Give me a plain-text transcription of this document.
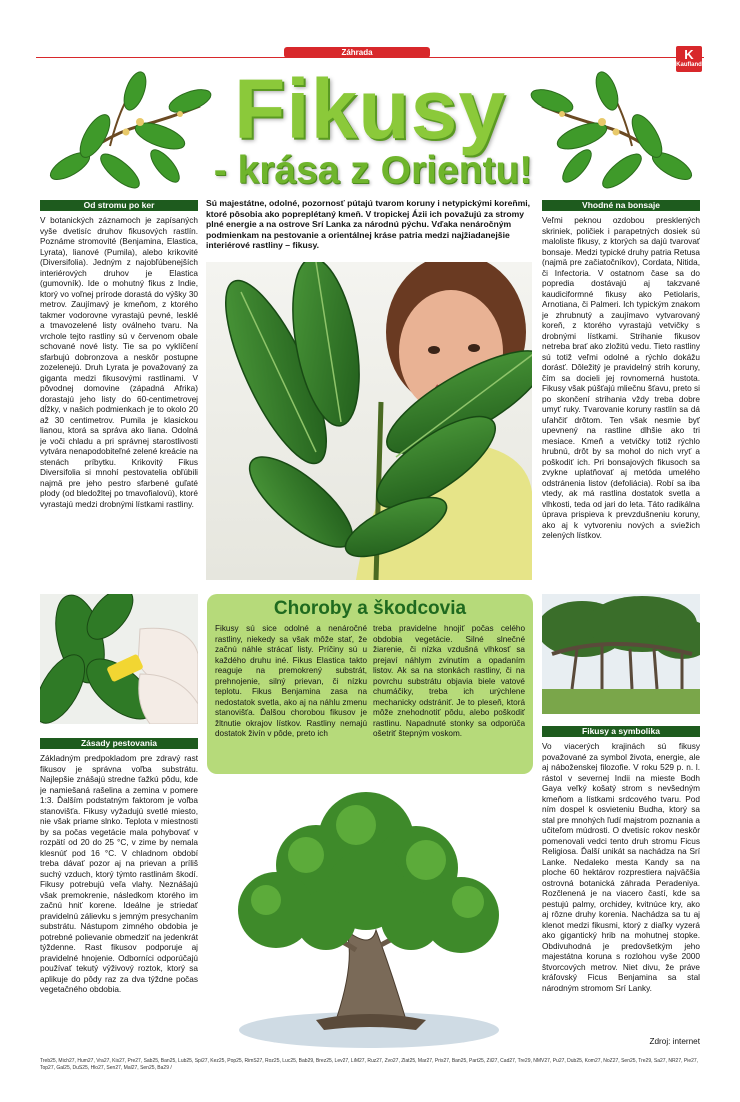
Záhrada	K
Kaufland
Fikusy
- krása z Orientu!
Od stromu po ker
V botanických záznamoch je zapísaných vyše dvetisíc druhov fikusových rastlín. Poznáme stromovité (Benjamina, Elastica, Lyrata), lianové (Pumila), alebo krikovité (Diversifolia). Jedným z najobľúbenejších interiérových druhov je Elastica (gumovník). Ide o mohutný fikus z Indie, ktorý vo voľnej prírode dorastá do výšky 30 metrov. Zaujímavý je kmeňom, z ktorého takmer vodorovne vyrastajú pevné, lesklé a tmavozelené listy oválneho tvaru. Na vrchole tejto rastliny sú v červenom obale schované nové listy. Tie sa po vyklíčení sfarbujú dobronzova a neskôr postupne zozelenejú. Druh Lyrata je považovaný za giganta medzi fikusovými rastlinami. V pôvodnej domovine (západná Afrika) dorastajú jeho listy do 60-centimetrovej dĺžky, v našich podmienkach je to okolo 20 až 30 centimetrov. Pumila je klasickou lianou, ktorá sa správa ako liana. Odolná je voči chladu a pri správnej starostlivosti vytvára nenapodobiteľné zelené kreácie na stenách príbytku. Krikovitý Fikus Diversifolia si mnohí pestovatelia obľúbili najmä pre jeho pestro sfarbené guľaté plody (od bledožltej po tmavofialovú), ktoré vyrastajú medzi drobnými lístkami rastliny.
Sú majestátne, odolné, pozornosť pútajú tvarom koruny i netypickými koreňmi, ktoré pôsobia ako popreplétaný kmeň. V tropickej Ázii ich považujú za stromy plné energie a na ostrove Srí Lanka za národnú pýchu. Vďaka nenáročným podmienkam na pestovanie a orientálnej kráse patria medzi najžiadanejšie interiérové rastliny – fikusy.
Vhodné na bonsaje
Veľmi peknou ozdobou presklených skriniek, poličiek i parapetných dosiek sú maloliste fikusy, z ktorých sa dajú tvarovať bonsaje. Medzi typické druhy patria Retusa (najmä pre začiatočníkov), Cordata, Nitida, či Infectoria. V ostatnom čase sa do popredia dostávajú aj takzvané kaudiciformné fikusy ako Petiolaris, Arnotiana, či Palmeri. Ich typickým znakom je zhrubnutý a zaujímavo vytvarovaný koreň, z ktorého vyrastajú vetvičky s drobnými lístkami. Strihanie fikusov netreba brať ako zložitú vedu. Tieto rastliny sú totiž veľmi odolné a rýchlo dokážu dorásť. Dôležitý je pravidelný strih koruny, čím sa docieli jej rovnomerná hustota. Fikusy však púšťajú mliečnu šťavu, preto si po skončení strihania vždy treba dobre umyť ruky. Tvarovanie koruny rastlín sa dá uľahčiť drôtom. Ten však nesmie byť upevnený na rastline dlhšie ako tri mesiace. Kmeň a vetvičky totiž rýchlo hrubnú, drôt by sa mohol do nich vryť a poškodiť ich. Pri bonsajových fikusoch sa zvykne uplatňovať aj metóda umelého odstránenia listov (defoliácia). Robí sa iba vtedy, ak má rastlina dostatok svetla a vlhkosti, teda od jari do leta. Táto radikálna úprava prispieva k prevzdušneniu koruny, ako aj k vytvoreniu nových a sviežich zelených lístkov.
Zásady pestovania
Základným predpokladom pre zdravý rast fikusov je správna voľba substrátu. Najlepšie znášajú stredne ťažkú pôdu, kde je namiešaná rašelina a zemina v pomere 1:3. Ďalším podstatným faktorom je voľba stanovišťa. Fikusy vyžadujú svetlé miesto, nie však priame slnko. Teplota v miestnosti by sa počas vegetácie mala pohybovať v rozpätí od 20 do 25 °C, v zime by nemala klesnúť pod 16 °C. V chladnom období treba dávať pozor aj na prievan a príliš suchý vzduch, ktorý týmto rastlinám škodí. Fikusy potrebujú veľa vlahy. Neznášajú však premokrenie, následkom ktorého im začnú hniť korene. Ideálne je striedať pravidelnú zálievku s jemným presychaním substrátu. Nástupom zimného obdobia je potrebné polievanie obmedziť na jedenkrát týždenne. Rast fikusov podporuje aj pravidelné hnojenie. Odborníci odporúčajú používať tekutý výživový roztok, ktorý sa aplikuje do pôdy raz za dva týždne počas vegetačného obdobia.
Choroby a škodcovia
Fikusy sú sice odolné a nenáročné rastliny, niekedy sa však môže stať, že začnú náhle strácať listy. Príčiny sú u každého druhu iné. Fikus Elastica takto reaguje na premokrený substrát, prehnojenie, silný prievan, či nízku teplotu. Fikus Benjamina zasa na nedostatok svetla, ako aj na náhlu zmenu stanovišťa. Ďalšou chorobou fikusov je žltnutie okrajov lístkov. Rastliny nemajú dostatok živín v pôde, preto ich
treba pravidelne hnojiť počas celého obdobia vegetácie. Silné slnečné žiarenie, či nízka vzdušná vlhkosť sa prejaví náhlym zvinutím a opadaním listov. Ak sa na stonkách rastliny, či na povrchu substrátu objavia biele vatové chumáčiky, treba ich urýchlene mechanicky odstrániť. Je to pleseň, ktorá môže znehodnotiť pôdu, alebo poškodiť rastlinu. Napadnuté stonky sa odporúča ošetriť štepným voskom.	Fikusy a symbolika
Vo viacerých krajinách sú fikusy považované za symbol života, energie, ale aj náboženskej filozofie. V roku 529 p. n. l. rástol v severnej Indii na mieste Bodh Gaya veľký košatý strom s nevšedným kmeňom a lístkami srdcového tvaru. Pod ním dospel k osvieteniu Budha, ktorý sa stal pre mnohých ľudí majstrom poznania a učiteľom múdrosti. O dvetisíc rokov neskôr pomenovali vedci tento druh stromu Ficus Religiosa. Ďalší unikát sa nachádza na Srí Lanke. Nedaleko mesta Kandy sa na ploche 60 hektárov rozprestiera najväčšia ostrovná botanická záhrada Peradeniya. Rozčlenená je na viacero častí, kde sa pestujú palmy, orchidey, kvitnúce kry, ako aj rôzne druhy korenia. Nachádza sa tu aj klenot medzi fikusmi, ktorý z diaľky vyzerá ako gigantický hrib na mohutnej stopke. Obdivuhodná je predovšetkým jeho majestátna koruna s rozlohou vyše 2000 štvorcových metrov. Niet divu, že práve kráľovský Ficus Benjamina sa stal národným stromom Srí Lanky.
Zdroj: internet
Treb25, Mich27, Hum27, Vra27, Kis27, Pre27, Sab25, Ban25, Lub25, Spi27, Kez25, Pop25, RimS27, Roz25, Luc25, Bab29, Brez25, Lev27, LiM27, Ruz27, Zvo27, Zlat25, Mar27, Pris27, Ban25, Part25, Zil27, Cad27, Tre29, NMV27, Pu27, Dub25, Kom27, NoZ27, Sen25, Tre29, Sa27, NR27, Pie27, Top27, Gal25, DuS25, Hlo27, Sen27, Mal27, Sen25, Ba29 /
